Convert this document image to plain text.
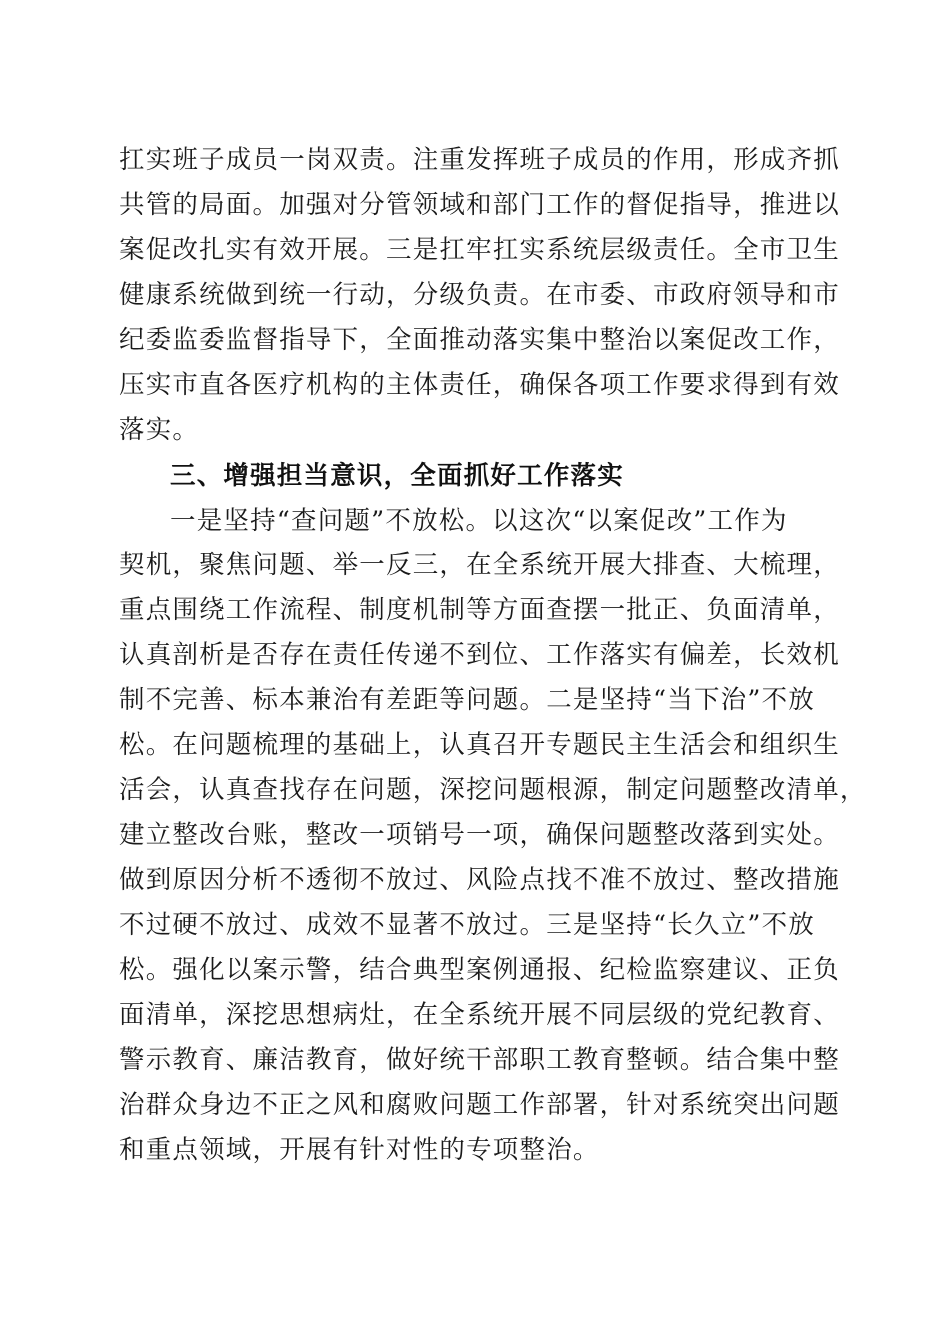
扛实班子成员一岗双责。注重发挥班子成员的作用，形成齐抓
共管的局面。加强对分管领域和部门工作的督促指导，推进以
案促改扎实有效开展。三是扛牢扛实系统层级责任。全市卫生
健康系统做到统一行动，分级负责。在市委、市政府领导和市
纪委监委监督指导下，全面推动落实集中整治以案促改工作，
压实市直各医疗机构的主体责任，确保各项工作要求得到有效
落实。
三、增强担当意识，全面抓好工作落实
一是坚持“查问题”不放松。以这次“以案促改”工作为
契机，聚焦问题、举一反三，在全系统开展大排查、大梳理，
重点围绕工作流程、制度机制等方面查摆一批正、负面清单，
认真剖析是否存在责任传递不到位、工作落实有偏差，长效机
制不完善、标本兼治有差距等问题。二是坚持“当下治”不放
松。在问题梳理的基础上，认真召开专题民主生活会和组织生
活会，认真查找存在问题，深挖问题根源，制定问题整改清单，
建立整改台账，整改一项销号一项，确保问题整改落到实处。
做到原因分析不透彻不放过、风险点找不准不放过、整改措施
不过硬不放过、成效不显著不放过。三是坚持“长久立”不放
松。强化以案示警，结合典型案例通报、纪检监察建议、正负
面清单，深挖思想病灶，在全系统开展不同层级的党纪教育、
警示教育、廉洁教育，做好统干部职工教育整顿。结合集中整
治群众身边不正之风和腐败问题工作部署，针对系统突出问题
和重点领域，开展有针对性的专项整治。
